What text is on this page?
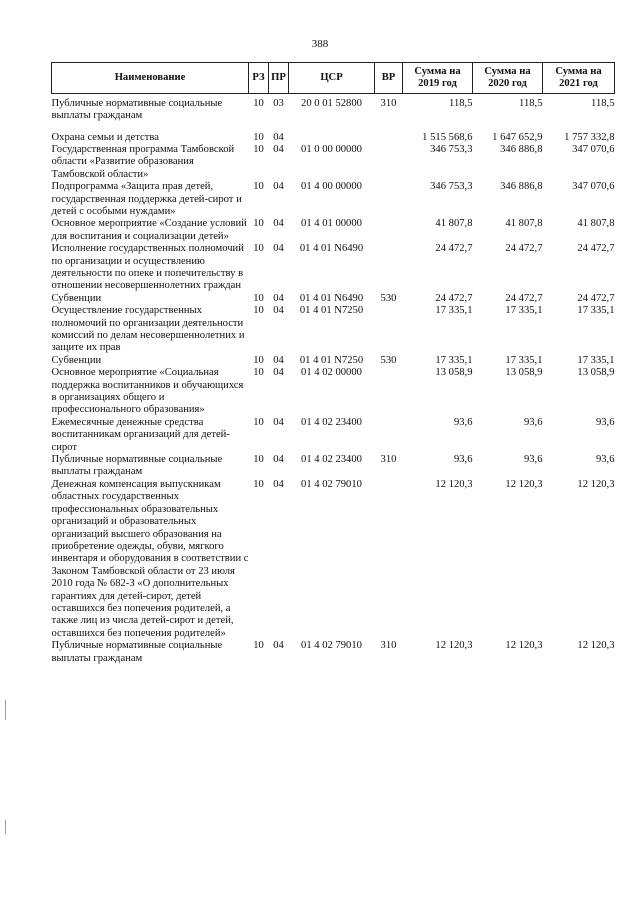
388
Наименование	РЗ	ПР	ЦСР	ВР	Сумма на 2019 год	Сумма на 2020 год	Сумма на 2021 год
Публичные нормативные социальные выплаты гражданам	10	03	20 0 01 52800	310	118,5	118,5	118,5
Охрана семьи и детства	10	04			1 515 568,6	1 647 652,9	1 757 332,8
Государственная программа Тамбовской области «Развитие образования Тамбовской области»	10	04	01 0 00 00000		346 753,3	346 886,8	347 070,6
Подпрограмма «Защита прав детей, государственная поддержка детей-сирот и детей с особыми нуждами»	10	04	01 4 00 00000		346 753,3	346 886,8	347 070,6
Основное мероприятие «Создание условий для воспитания и социализации детей»	10	04	01 4 01 00000		41 807,8	41 807,8	41 807,8
Исполнение государственных полномочий по организации и осуществлению деятельности по опеке и попечительству в отношении несовершеннолетних граждан	10	04	01 4 01 N6490		24 472,7	24 472,7	24 472,7
Субвенции	10	04	01 4 01 N6490	530	24 472,7	24 472,7	24 472,7
Осуществление государственных полномочий по организации деятельности комиссий по делам несовершеннолетних и защите их прав	10	04	01 4 01 N7250		17 335,1	17 335,1	17 335,1
Субвенции	10	04	01 4 01 N7250	530	17 335,1	17 335,1	17 335,1
Основное мероприятие «Социальная поддержка воспитанников и обучающихся в организациях общего и профессионального образования»	10	04	01 4 02 00000		13 058,9	13 058,9	13 058,9
Ежемесячные денежные средства воспитанникам организаций для детей-сирот	10	04	01 4 02 23400		93,6	93,6	93,6
Публичные нормативные социальные выплаты гражданам	10	04	01 4 02 23400	310	93,6	93,6	93,6
Денежная компенсация выпускникам областных государственных профессиональных образовательных организаций и образовательных организаций высшего образования на приобретение одежды, обуви, мягкого инвентаря и оборудования в соответствии с Законом Тамбовской области от 23 июля 2010 года № 682-З «О дополнительных гарантиях для детей-сирот, детей оставшихся без попечения родителей, а также лиц из числа детей-сирот и детей, оставшихся без попечения родителей»	10	04	01 4 02 79010		12 120,3	12 120,3	12 120,3
Публичные нормативные социальные выплаты гражданам	10	04	01 4 02 79010	310	12 120,3	12 120,3	12 120,3
